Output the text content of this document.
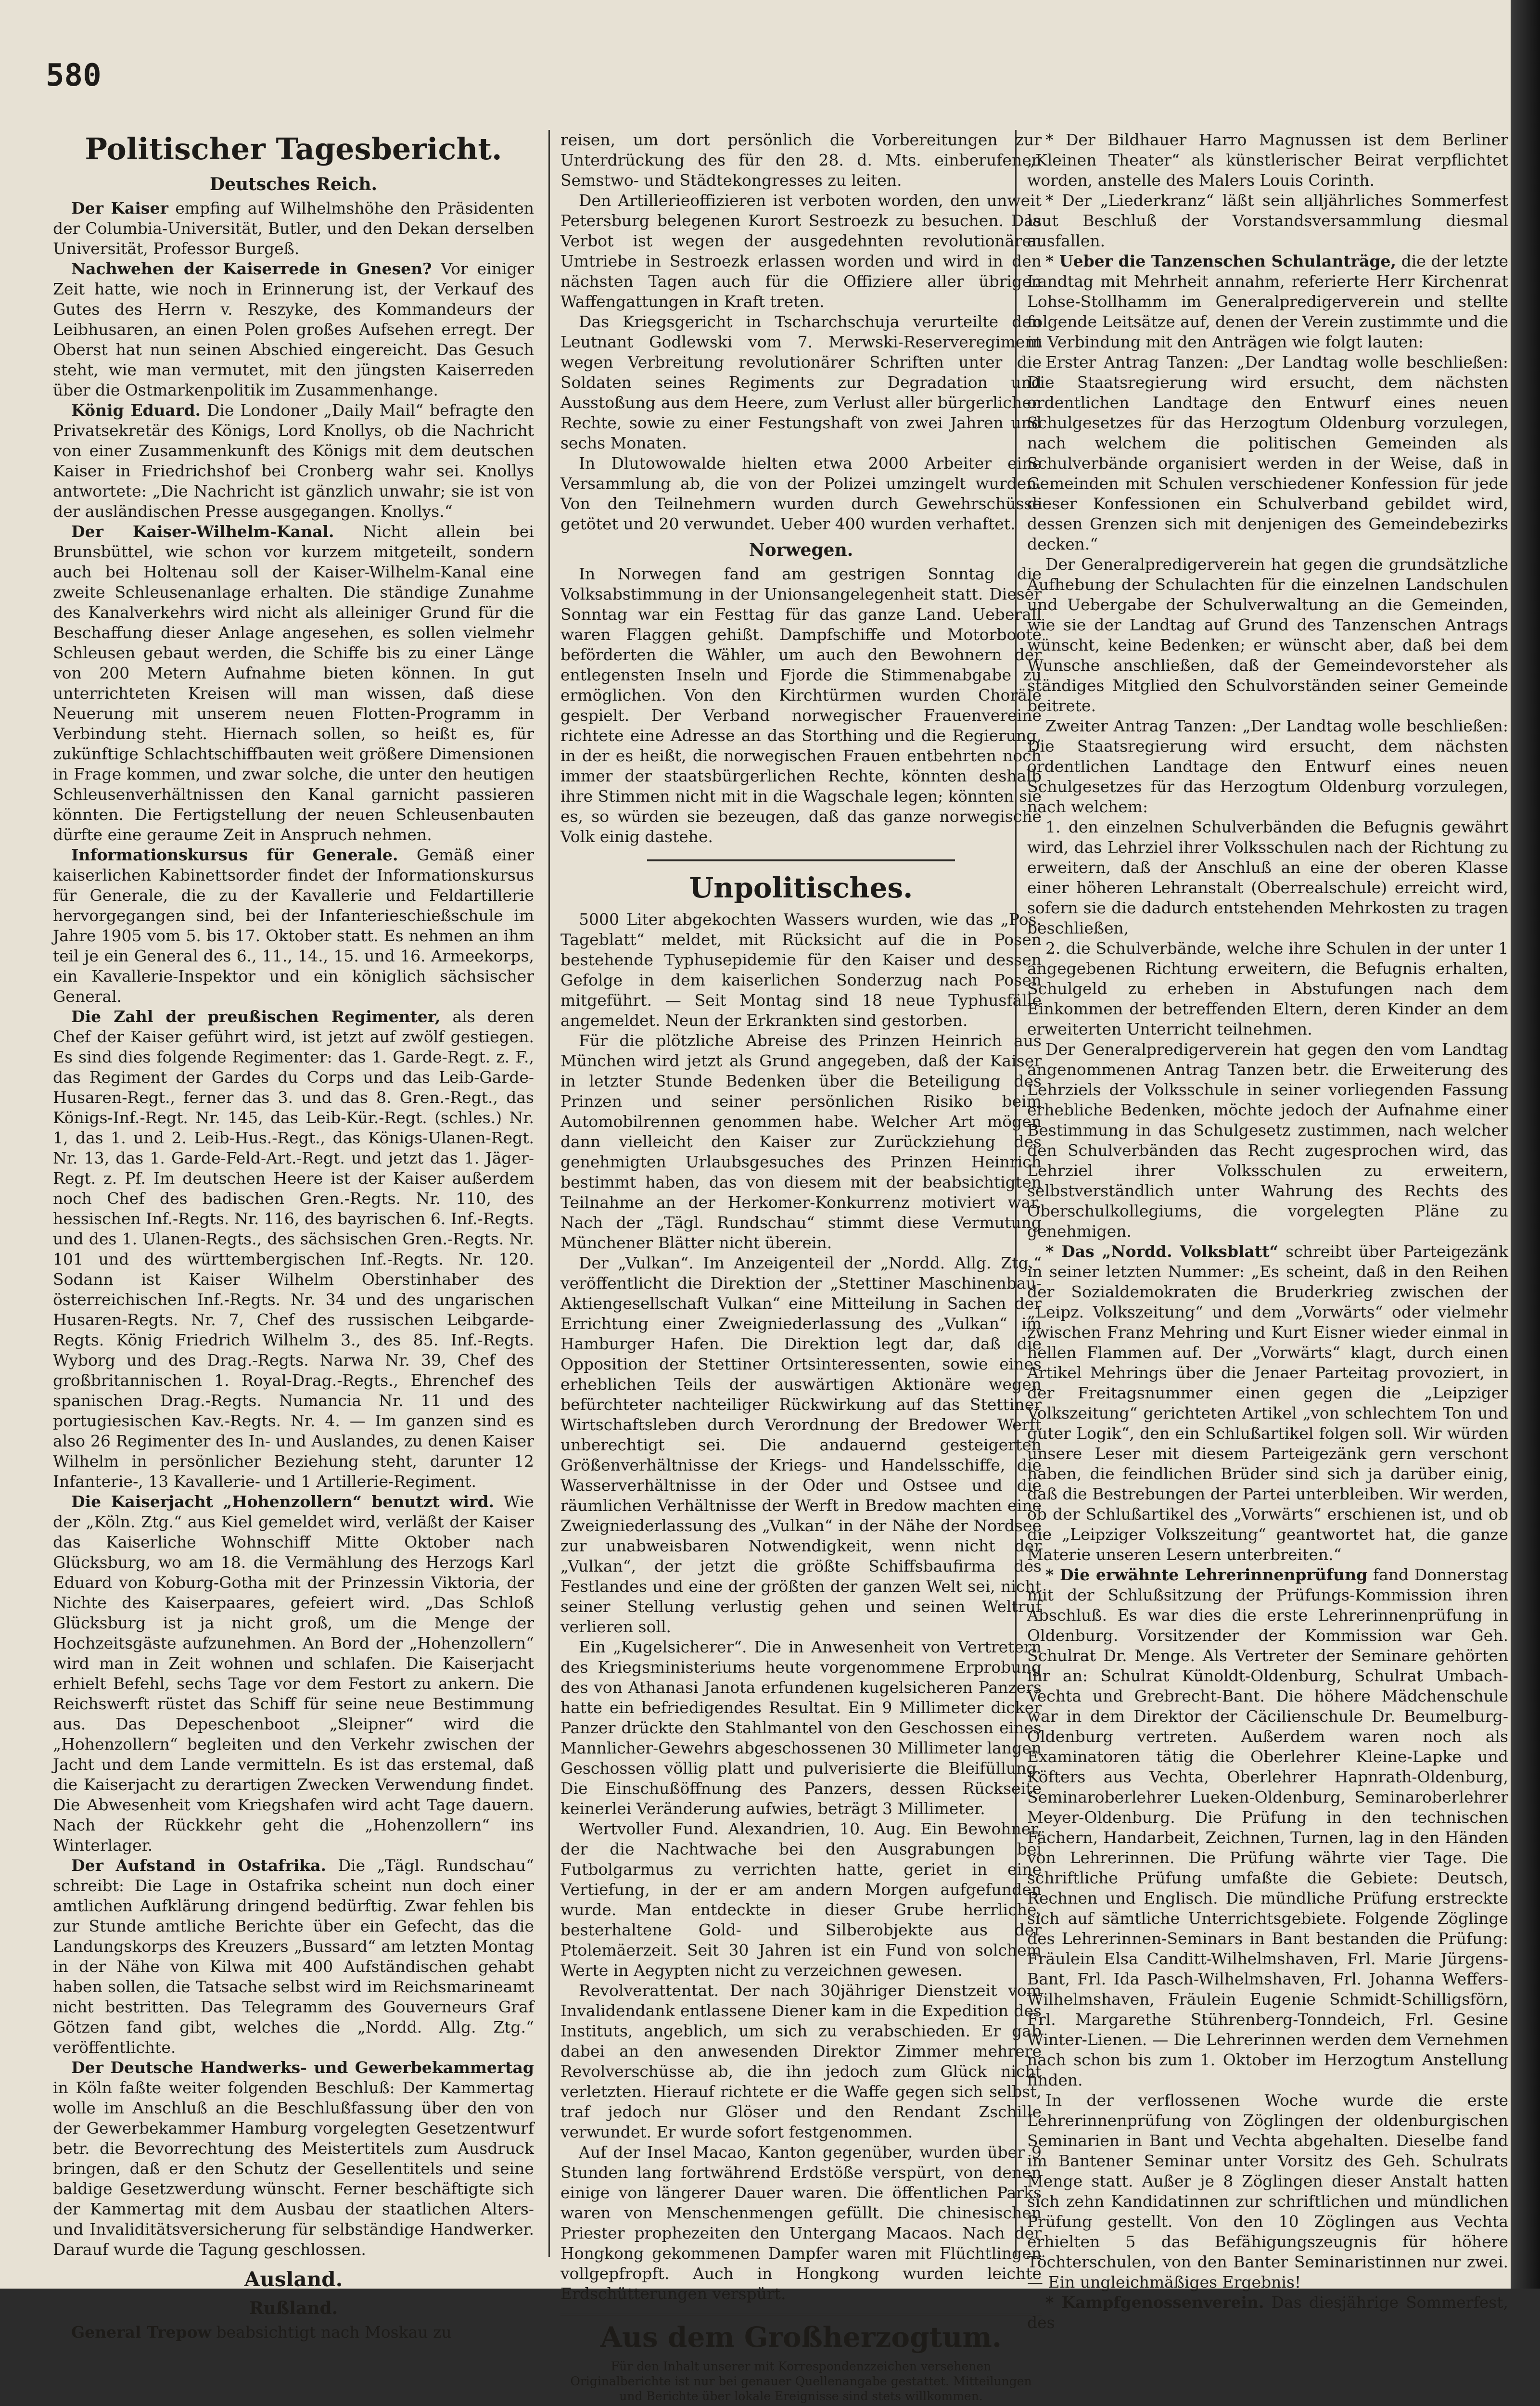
580
Politischer Tagesbericht.
Deutsches Reich.

Der Kaiser empfing auf Wilhelmshöhe den Präsidenten der Columbia-Universität, Butler, und den Dekan derselben Universität, Professor Burgeß.

Nachwehen der Kaiserrede in Gnesen? Vor einiger Zeit hatte, wie noch in Erinnerung ist, der Verkauf des Gutes des Herrn v. Reszyke, des Kommandeurs der Leibhusaren, an einen Polen großes Aufsehen erregt. Der Oberst hat nun seinen Abschied eingereicht. Das Gesuch steht, wie man vermutet, mit den jüngsten Kaiserreden über die Ostmarkenpolitik im Zusammenhange.

König Eduard. Die Londoner „Daily Mail“ befragte den Privatsekretär des Königs, Lord Knollys, ob die Nachricht von einer Zusammenkunft des Königs mit dem deutschen Kaiser in Friedrichshof bei Cronberg wahr sei. Knollys antwortete: „Die Nachricht ist gänzlich unwahr; sie ist von der ausländischen Presse ausgegangen. Knollys.“

Der Kaiser-Wilhelm-Kanal. Nicht allein bei Brunsbüttel, wie schon vor kurzem mitgeteilt, sondern auch bei Holtenau soll der Kaiser-Wilhelm-Kanal eine zweite Schleusenanlage erhalten. Die ständige Zunahme des Kanalverkehrs wird nicht als alleiniger Grund für die Beschaffung dieser Anlage angesehen, es sollen vielmehr Schleusen gebaut werden, die Schiffe bis zu einer Länge von 200 Metern Aufnahme bieten können. In gut unterrichteten Kreisen will man wissen, daß diese Neuerung mit unserem neuen Flotten-Programm in Verbindung steht. Hiernach sollen, so heißt es, für zukünftige Schlachtschiffbauten weit größere Dimensionen in Frage kommen, und zwar solche, die unter den heutigen Schleusenverhältnissen den Kanal garnicht passieren könnten. Die Fertigstellung der neuen Schleusenbauten dürfte eine geraume Zeit in Anspruch nehmen.

Informationskursus für Generale. Gemäß einer kaiserlichen Kabinettsorder findet der Informationskursus für Generale, die zu der Kavallerie und Feldartillerie hervorgegangen sind, bei der Infanterieschießschule im Jahre 1905 vom 5. bis 17. Oktober statt. Es nehmen an ihm teil je ein General des 6., 11., 14., 15. und 16. Armeekorps, ein Kavallerie-Inspektor und ein königlich sächsischer General.

Die Zahl der preußischen Regimenter, als deren Chef der Kaiser geführt wird, ist jetzt auf zwölf gestiegen. Es sind dies folgende Regimenter: das 1. Garde-Regt. z. F., das Regiment der Gardes du Corps und das Leib-Garde-Husaren-Regt., ferner das 3. und das 8. Gren.-Regt., das Königs-Inf.-Regt. Nr. 145, das Leib-Kür.-Regt. (schles.) Nr. 1, das 1. und 2. Leib-Hus.-Regt., das Königs-Ulanen-Regt. Nr. 13, das 1. Garde-Feld-Art.-Regt. und jetzt das 1. Jäger-Regt. z. Pf. Im deutschen Heere ist der Kaiser außerdem noch Chef des badischen Gren.-Regts. Nr. 110, des hessischen Inf.-Regts. Nr. 116, des bayrischen 6. Inf.-Regts. und des 1. Ulanen-Regts., des sächsischen Gren.-Regts. Nr. 101 und des württembergischen Inf.-Regts. Nr. 120. Sodann ist Kaiser Wilhelm Oberstinhaber des österreichischen Inf.-Regts. Nr. 34 und des ungarischen Husaren-Regts. Nr. 7, Chef des russischen Leibgarde-Regts. König Friedrich Wilhelm 3., des 85. Inf.-Regts. Wyborg und des Drag.-Regts. Narwa Nr. 39, Chef des großbritannischen 1. Royal-Drag.-Regts., Ehrenchef des spanischen Drag.-Regts. Numancia Nr. 11 und des portugiesischen Kav.-Regts. Nr. 4. — Im ganzen sind es also 26 Regimenter des In- und Auslandes, zu denen Kaiser Wilhelm in persönlicher Beziehung steht, darunter 12 Infanterie-, 13 Kavallerie- und 1 Artillerie-Regiment.

Die Kaiserjacht „Hohenzollern“ benutzt wird. Wie der „Köln. Ztg.“ aus Kiel gemeldet wird, verläßt der Kaiser das Kaiserliche Wohnschiff Mitte Oktober nach Glücksburg, wo am 18. die Vermählung des Herzogs Karl Eduard von Koburg-Gotha mit der Prinzessin Viktoria, der Nichte des Kaiserpaares, gefeiert wird. „Das Schloß Glücksburg ist ja nicht groß, um die Menge der Hochzeitsgäste aufzunehmen. An Bord der „Hohenzollern“ wird man in Zeit wohnen und schlafen. Die Kaiserjacht erhielt Befehl, sechs Tage vor dem Festort zu ankern. Die Reichswerft rüstet das Schiff für seine neue Bestimmung aus. Das Depeschenboot „Sleipner“ wird die „Hohenzollern“ begleiten und den Verkehr zwischen der Jacht und dem Lande vermitteln. Es ist das erstemal, daß die Kaiserjacht zu derartigen Zwecken Verwendung findet. Die Abwesenheit vom Kriegshafen wird acht Tage dauern. Nach der Rückkehr geht die „Hohenzollern“ ins Winterlager.

Der Aufstand in Ostafrika. Die „Tägl. Rundschau“ schreibt: Die Lage in Ostafrika scheint nun doch einer amtlichen Aufklärung dringend bedürftig. Zwar fehlen bis zur Stunde amtliche Berichte über ein Gefecht, das die Landungskorps des Kreuzers „Bussard“ am letzten Montag in der Nähe von Kilwa mit 400 Aufständischen gehabt haben sollen, die Tatsache selbst wird im Reichsmarineamt nicht bestritten. Das Telegramm des Gouverneurs Graf Götzen fand gibt, welches die „Nordd. Allg. Ztg.“ veröffentlichte.

Der Deutsche Handwerks- und Gewerbekammertag in Köln faßte weiter folgenden Beschluß: Der Kammertag wolle im Anschluß an die Beschlußfassung über den von der Gewerbekammer Hamburg vorgelegten Gesetzentwurf betr. die Bevorrechtung des Meistertitels zum Ausdruck bringen, daß er den Schutz der Gesellentitels und seine baldige Gesetzwerdung wünscht. Ferner beschäftigte sich der Kammertag mit dem Ausbau der staatlichen Alters- und Invaliditätsversicherung für selbständige Handwerker. Darauf wurde die Tagung geschlossen.

Ausland.
Rußland.

General Trepow beabsichtigt nach Moskau zu

reisen, um dort persönlich die Vorbereitungen zur Unterdrückung des für den 28. d. Mts. einberufenen Semstwo- und Städtekongresses zu leiten.

Den Artillerieoffizieren ist verboten worden, den unweit Petersburg belegenen Kurort Sestroezk zu besuchen. Das Verbot ist wegen der ausgedehnten revolutionären Umtriebe in Sestroezk erlassen worden und wird in den nächsten Tagen auch für die Offiziere aller übrigen Waffengattungen in Kraft treten.

Das Kriegsgericht in Tscharchschuja verurteilte den Leutnant Godlewski vom 7. Merwski-Reserveregiment wegen Verbreitung revolutionärer Schriften unter die Soldaten seines Regiments zur Degradation und Ausstoßung aus dem Heere, zum Verlust aller bürgerlichen Rechte, sowie zu einer Festungshaft von zwei Jahren und sechs Monaten.

In Dlutowowalde hielten etwa 2000 Arbeiter eine Versammlung ab, die von der Polizei umzingelt wurden. Von den Teilnehmern wurden durch Gewehrschüsse getötet und 20 verwundet. Ueber 400 wurden verhaftet.

Norwegen.

In Norwegen fand am gestrigen Sonntag die Volksabstimmung in der Unionsangelegenheit statt. Dieser Sonntag war ein Festtag für das ganze Land. Ueberall waren Flaggen gehißt. Dampfschiffe und Motorboote beförderten die Wähler, um auch den Bewohnern der entlegensten Inseln und Fjorde die Stimmenabgabe zu ermöglichen. Von den Kirchtürmen wurden Choräle gespielt. Der Verband norwegischer Frauenvereine richtete eine Adresse an das Storthing und die Regierung, in der es heißt, die norwegischen Frauen entbehrten noch immer der staatsbürgerlichen Rechte, könnten deshalb ihre Stimmen nicht mit in die Wagschale legen; könnten sie es, so würden sie bezeugen, daß das ganze norwegische Volk einig dastehe.

Unpolitisches.

5000 Liter abgekochten Wassers wurden, wie das „Pos. Tageblatt“ meldet, mit Rücksicht auf die in Posen bestehende Typhusepidemie für den Kaiser und dessen Gefolge in dem kaiserlichen Sonderzug nach Posen mitgeführt. — Seit Montag sind 18 neue Typhusfälle angemeldet. Neun der Erkrankten sind gestorben.

Für die plötzliche Abreise des Prinzen Heinrich aus München wird jetzt als Grund angegeben, daß der Kaiser in letzter Stunde Bedenken über die Beteiligung des Prinzen und seiner persönlichen Risiko beim Automobilrennen genommen habe. Welcher Art mögen dann vielleicht den Kaiser zur Zurückziehung des genehmigten Urlaubsgesuches des Prinzen Heinrich bestimmt haben, das von diesem mit der beabsichtigten Teilnahme an der Herkomer-Konkurrenz motiviert war. Nach der „Tägl. Rundschau“ stimmt diese Vermutung Münchener Blätter nicht überein.

Der „Vulkan“. Im Anzeigenteil der „Nordd. Allg. Ztg.“ veröffentlicht die Direktion der „Stettiner Maschinenbau-Aktiengesellschaft Vulkan“ eine Mitteilung in Sachen der Errichtung einer Zweigniederlassung des „Vulkan“ im Hamburger Hafen. Die Direktion legt dar, daß die Opposition der Stettiner Ortsinteressenten, sowie eines erheblichen Teils der auswärtigen Aktionäre wegen befürchteter nachteiliger Rückwirkung auf das Stettiner Wirtschaftsleben durch Verordnung der Bredower Werft unberechtigt sei. Die andauernd gesteigerten Größenverhältnisse der Kriegs- und Handelsschiffe, die Wasserverhältnisse in der Oder und Ostsee und die räumlichen Verhältnisse der Werft in Bredow machten eine Zweigniederlassung des „Vulkan“ in der Nähe der Nordsee zur unabweisbaren Notwendigkeit, wenn nicht der „Vulkan“, der jetzt die größte Schiffsbaufirma des Festlandes und eine der größten der ganzen Welt sei, nicht seiner Stellung verlustig gehen und seinen Weltruf verlieren soll.

Ein „Kugelsicherer“. Die in Anwesenheit von Vertretern des Kriegsministeriums heute vorgenommene Erprobung des von Athanasi Janota erfundenen kugelsicheren Panzers hatte ein befriedigendes Resultat. Ein 9 Millimeter dicker Panzer drückte den Stahlmantel von den Geschossen eines Mannlicher-Gewehrs abgeschossenen 30 Millimeter langen Geschossen völlig platt und pulverisierte die Bleifüllung. Die Einschußöffnung des Panzers, dessen Rückseite keinerlei Veränderung aufwies, beträgt 3 Millimeter.

Wertvoller Fund. Alexandrien, 10. Aug. Ein Bewohner, der die Nachtwache bei den Ausgrabungen bei Futbolgarmus zu verrichten hatte, geriet in eine Vertiefung, in der er am andern Morgen aufgefunden wurde. Man entdeckte in dieser Grube herrliche, besterhaltene Gold- und Silberobjekte aus der Ptolemäerzeit. Seit 30 Jahren ist ein Fund von solchem Werte in Aegypten nicht zu verzeichnen gewesen.

Revolverattentat. Der nach 30jähriger Dienstzeit vom Invalidendank entlassene Diener kam in die Expedition des Instituts, angeblich, um sich zu verabschieden. Er gab dabei an den anwesenden Direktor Zimmer mehrere Revolverschüsse ab, die ihn jedoch zum Glück nicht verletzten. Hierauf richtete er die Waffe gegen sich selbst, traf jedoch nur Glöser und den Rendant Zschille verwundet. Er wurde sofort festgenommen.

Auf der Insel Macao, Kanton gegenüber, wurden über 9 Stunden lang fortwährend Erdstöße verspürt, von denen einige von längerer Dauer waren. Die öffentlichen Parks waren von Menschenmengen gefüllt. Die chinesischen Priester prophezeiten den Untergang Macaos. Nach der Hongkong gekommenen Dampfer waren mit Flüchtlingen vollgepfropft. Auch in Hongkong wurden leichte Erdschütterungen verspürt.

Aus dem Großherzogtum.

Für den Inhalt unserer mit Korrespondenzzeichen versehenen Originalberichte ist nur bei genauer Quellenangabe gestattet. Mitteilungen und Berichte über lokale Ereignisse sind stets willkommen.

* Der Bildhauer Harro Magnussen ist dem Berliner „Kleinen Theater“ als künstlerischer Beirat verpflichtet worden, anstelle des Malers Louis Corinth.

* Der „Liederkranz“ läßt sein alljährliches Sommerfest laut Beschluß der Vorstandsversammlung diesmal ausfallen.

* Ueber die Tanzenschen Schulanträge, die der letzte Landtag mit Mehrheit annahm, referierte Herr Kirchenrat Lohse-Stollhamm im Generalpredigerverein und stellte folgende Leitsätze auf, denen der Verein zustimmte und die in Verbindung mit den Anträgen wie folgt lauten:

Erster Antrag Tanzen: „Der Landtag wolle beschließen: Die Staatsregierung wird ersucht, dem nächsten ordentlichen Landtage den Entwurf eines neuen Schulgesetzes für das Herzogtum Oldenburg vorzulegen, nach welchem die politischen Gemeinden als Schulverbände organisiert werden in der Weise, daß in Gemeinden mit Schulen verschiedener Konfession für jede dieser Konfessionen ein Schulverband gebildet wird, dessen Grenzen sich mit denjenigen des Gemeindebezirks decken.“

Der Generalpredigerverein hat gegen die grundsätzliche Aufhebung der Schulachten für die einzelnen Landschulen und Uebergabe der Schulverwaltung an die Gemeinden, wie sie der Landtag auf Grund des Tanzenschen Antrags wünscht, keine Bedenken; er wünscht aber, daß bei dem Wunsche anschließen, daß der Gemeindevorsteher als ständiges Mitglied den Schulvorständen seiner Gemeinde beitrete.

Zweiter Antrag Tanzen: „Der Landtag wolle beschließen: Die Staatsregierung wird ersucht, dem nächsten ordentlichen Landtage den Entwurf eines neuen Schulgesetzes für das Herzogtum Oldenburg vorzulegen, nach welchem:

1. den einzelnen Schulverbänden die Befugnis gewährt wird, das Lehrziel ihrer Volksschulen nach der Richtung zu erweitern, daß der Anschluß an eine der oberen Klasse einer höheren Lehranstalt (Oberrealschule) erreicht wird, sofern sie die dadurch entstehenden Mehrkosten zu tragen beschließen,

2. die Schulverbände, welche ihre Schulen in der unter 1 angegebenen Richtung erweitern, die Befugnis erhalten, Schulgeld zu erheben in Abstufungen nach dem Einkommen der betreffenden Eltern, deren Kinder an dem erweiterten Unterricht teilnehmen.

Der Generalpredigerverein hat gegen den vom Landtag angenommenen Antrag Tanzen betr. die Erweiterung des Lehrziels der Volksschule in seiner vorliegenden Fassung erhebliche Bedenken, möchte jedoch der Aufnahme einer Bestimmung in das Schulgesetz zustimmen, nach welcher den Schulverbänden das Recht zugesprochen wird, das Lehrziel ihrer Volksschulen zu erweitern, selbstverständlich unter Wahrung des Rechts des Oberschulkollegiums, die vorgelegten Pläne zu genehmigen.

* Das „Nordd. Volksblatt“ schreibt über Parteigezänk in seiner letzten Nummer: „Es scheint, daß in den Reihen der Sozialdemokraten die Bruderkrieg zwischen der „Leipz. Volkszeitung“ und dem „Vorwärts“ oder vielmehr zwischen Franz Mehring und Kurt Eisner wieder einmal in hellen Flammen auf. Der „Vorwärts“ klagt, durch einen Artikel Mehrings über die Jenaer Parteitag provoziert, in der Freitagsnummer einen gegen die „Leipziger Volkszeitung“ gerichteten Artikel „von schlechtem Ton und guter Logik“, den ein Schlußartikel folgen soll. Wir würden unsere Leser mit diesem Parteigezänk gern verschont haben, die feindlichen Brüder sind sich ja darüber einig, daß die Bestrebungen der Partei unterbleiben. Wir werden, ob der Schlußartikel des „Vorwärts“ erschienen ist, und ob die „Leipziger Volkszeitung“ geantwortet hat, die ganze Materie unseren Lesern unterbreiten.“

* Die erwähnte Lehrerinnenprüfung fand Donnerstag mit der Schlußsitzung der Prüfungs-Kommission ihren Abschluß. Es war dies die erste Lehrerinnenprüfung in Oldenburg. Vorsitzender der Kommission war Geh. Schulrat Dr. Menge. Als Vertreter der Seminare gehörten ihr an: Schulrat Künoldt-Oldenburg, Schulrat Umbach-Vechta und Grebrecht-Bant. Die höhere Mädchenschule war in dem Direktor der Cäcilienschule Dr. Beumelburg-Oldenburg vertreten. Außerdem waren noch als Examinatoren tätig die Oberlehrer Kleine-Lapke und Köfters aus Vechta, Oberlehrer Hapnrath-Oldenburg, Seminaroberlehrer Lueken-Oldenburg, Seminaroberlehrer Meyer-Oldenburg. Die Prüfung in den technischen Fächern, Handarbeit, Zeichnen, Turnen, lag in den Händen von Lehrerinnen. Die Prüfung währte vier Tage. Die schriftliche Prüfung umfaßte die Gebiete: Deutsch, Rechnen und Englisch. Die mündliche Prüfung erstreckte sich auf sämtliche Unterrichtsgebiete. Folgende Zöglinge des Lehrerinnen-Seminars in Bant bestanden die Prüfung: Fräulein Elsa Canditt-Wilhelmshaven, Frl. Marie Jürgens-Bant, Frl. Ida Pasch-Wilhelmshaven, Frl. Johanna Weffers-Wilhelmshaven, Fräulein Eugenie Schmidt-Schilligsförn, Frl. Margarethe Stührenberg-Tonndeich, Frl. Gesine Winter-Lienen. — Die Lehrerinnen werden dem Vernehmen nach schon bis zum 1. Oktober im Herzogtum Anstellung finden.

In der verflossenen Woche wurde die erste Lehrerinnenprüfung von Zöglingen der oldenburgischen Seminarien in Bant und Vechta abgehalten. Dieselbe fand im Bantener Seminar unter Vorsitz des Geh. Schulrats Menge statt. Außer je 8 Zöglingen dieser Anstalt hatten sich zehn Kandidatinnen zur schriftlichen und mündlichen Prüfung gestellt. Von den 10 Zöglingen aus Vechta erhielten 5 das Befähigungszeugnis für höhere Töchterschulen, von den Banter Seminaristinnen nur zwei. — Ein ungleichmäßiges Ergebnis!

* Kampfgenossenverein. Das diesjährige Sommerfest, des
